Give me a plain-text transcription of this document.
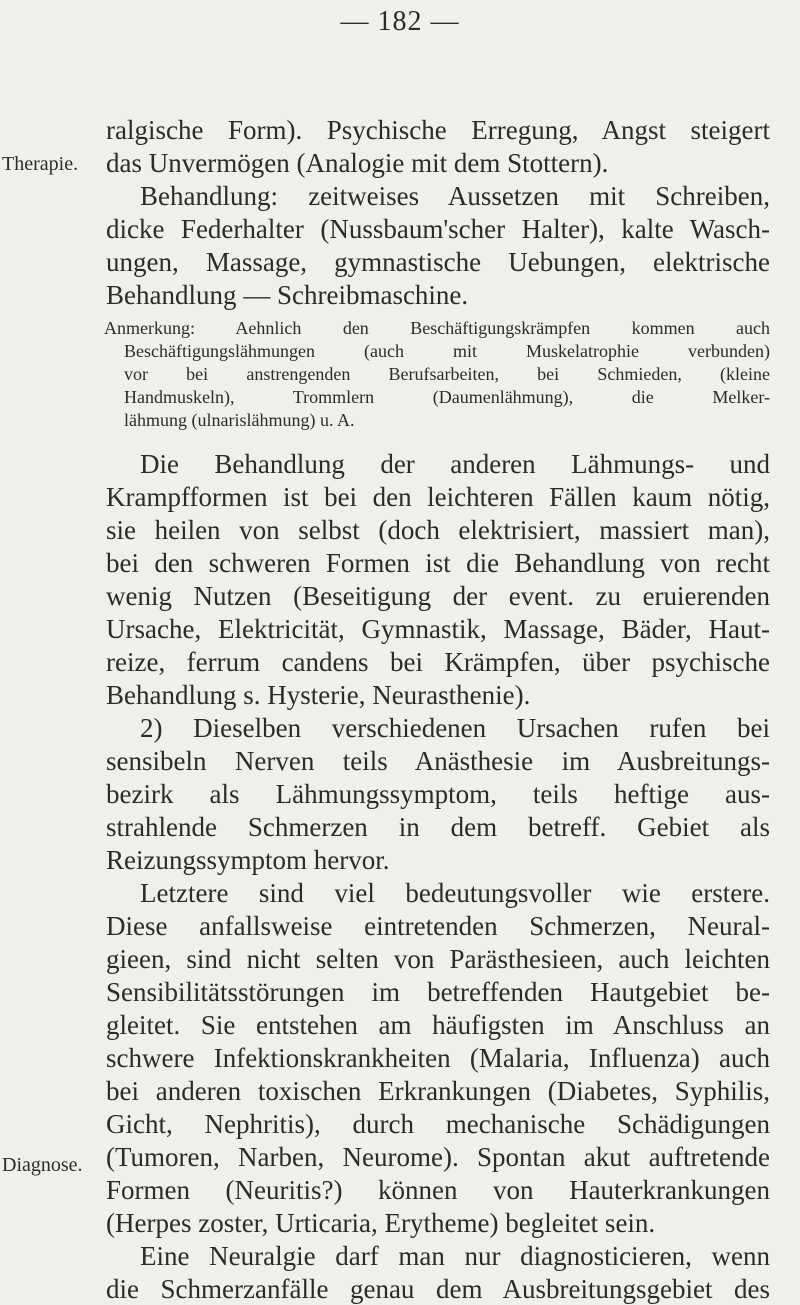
— 182 —
Therapie.
Diagnose.
ralgische Form). Psychische Erregung, Angst steigert
das Unvermögen (Analogie mit dem Stottern).
Behandlung: zeitweises Aussetzen mit Schreiben,
dicke Federhalter (Nussbaum'scher Halter), kalte Wasch-
ungen, Massage, gymnastische Uebungen, elektrische
Behandlung — Schreibmaschine.
Anmerkung: Aehnlich den Beschäftigungskrämpfen kommen auch
Beschäftigungslähmungen (auch mit Muskelatrophie verbunden)
vor bei anstrengenden Berufsarbeiten, bei Schmieden, (kleine
Handmuskeln), Trommlern (Daumenlähmung), die Melker-
lähmung (ulnarislähmung) u. A.
Die Behandlung der anderen Lähmungs- und
Krampfformen ist bei den leichteren Fällen kaum nötig,
sie heilen von selbst (doch elektrisiert, massiert man),
bei den schweren Formen ist die Behandlung von recht
wenig Nutzen (Beseitigung der event. zu eruierenden
Ursache, Elektricität, Gymnastik, Massage, Bäder, Haut-
reize, ferrum candens bei Krämpfen, über psychische
Behandlung s. Hysterie, Neurasthenie).
2) Dieselben verschiedenen Ursachen rufen bei
sensibeln Nerven teils Anästhesie im Ausbreitungs-
bezirk als Lähmungssymptom, teils heftige aus-
strahlende Schmerzen in dem betreff. Gebiet als
Reizungssymptom hervor.
Letztere sind viel bedeutungsvoller wie erstere.
Diese anfallsweise eintretenden Schmerzen, Neural-
gieen, sind nicht selten von Parästhesieen, auch leichten
Sensibilitätsstörungen im betreffenden Hautgebiet be-
gleitet. Sie entstehen am häufigsten im Anschluss an
schwere Infektionskrankheiten (Malaria, Influenza) auch
bei anderen toxischen Erkrankungen (Diabetes, Syphilis,
Gicht, Nephritis), durch mechanische Schädigungen
(Tumoren, Narben, Neurome). Spontan akut auftretende
Formen (Neuritis?) können von Hauterkrankungen
(Herpes zoster, Urticaria, Erytheme) begleitet sein.
Eine Neuralgie darf man nur diagnosticieren, wenn
die Schmerzanfälle genau dem Ausbreitungsgebiet des
